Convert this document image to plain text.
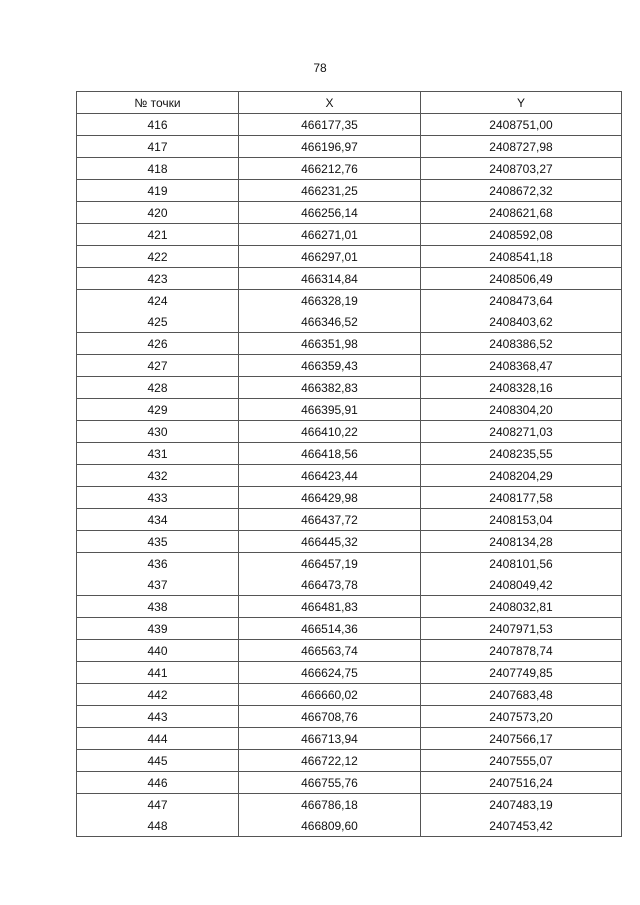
78
№ точки	X	Y
416	466177,35	2408751,00
417	466196,97	2408727,98
418	466212,76	2408703,27
419	466231,25	2408672,32
420	466256,14	2408621,68
421	466271,01	2408592,08
422	466297,01	2408541,18
423	466314,84	2408506,49
424	466328,19	2408473,64
425	466346,52	2408403,62
426	466351,98	2408386,52
427	466359,43	2408368,47
428	466382,83	2408328,16
429	466395,91	2408304,20
430	466410,22	2408271,03
431	466418,56	2408235,55
432	466423,44	2408204,29
433	466429,98	2408177,58
434	466437,72	2408153,04
435	466445,32	2408134,28
436	466457,19	2408101,56
437	466473,78	2408049,42
438	466481,83	2408032,81
439	466514,36	2407971,53
440	466563,74	2407878,74
441	466624,75	2407749,85
442	466660,02	2407683,48
443	466708,76	2407573,20
444	466713,94	2407566,17
445	466722,12	2407555,07
446	466755,76	2407516,24
447	466786,18	2407483,19
448	466809,60	2407453,42
